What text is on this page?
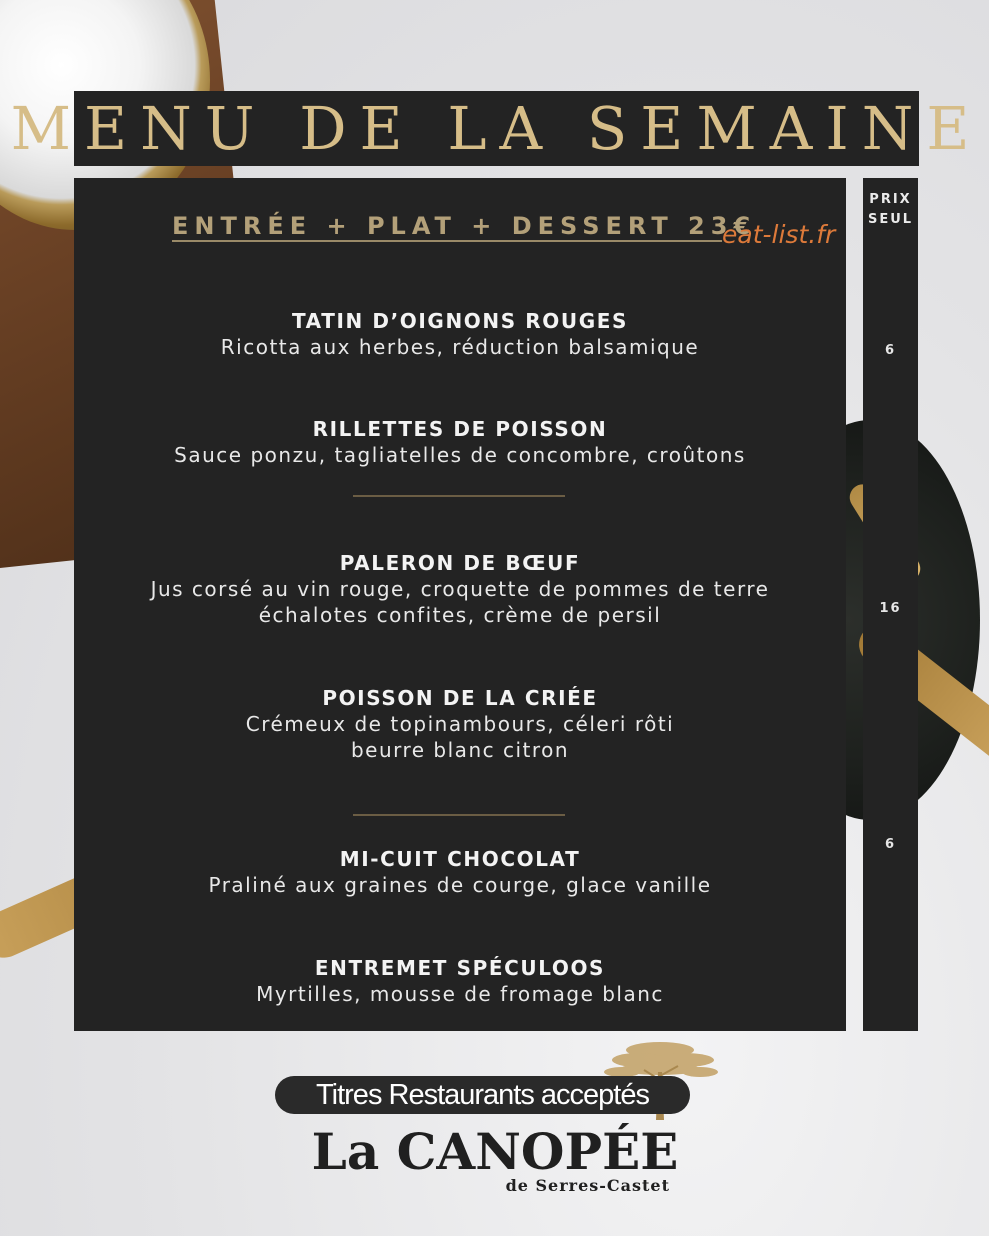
MENU DE LA SEMAINE
ENTRÉE + PLAT + DESSERT 23€
eat-list.fr
TATIN D’OIGNONS ROUGES
Ricotta aux herbes, réduction balsamique
RILLETTES DE POISSON
Sauce ponzu, tagliatelles de concombre, croûtons
PALERON DE BŒUF
Jus corsé au vin rouge, croquette de pommes de terre
échalotes confites, crème de persil
POISSON DE LA CRIÉE
Crémeux de topinambours, céleri rôti
beurre blanc citron
MI-CUIT CHOCOLAT
Praliné aux graines de courge, glace vanille
ENTREMET SPÉCULOOS
Myrtilles, mousse de fromage blanc
PRIX
SEUL
6
16
6
Titres Restaurants acceptés
La CANOPÉE
de Serres-Castet
